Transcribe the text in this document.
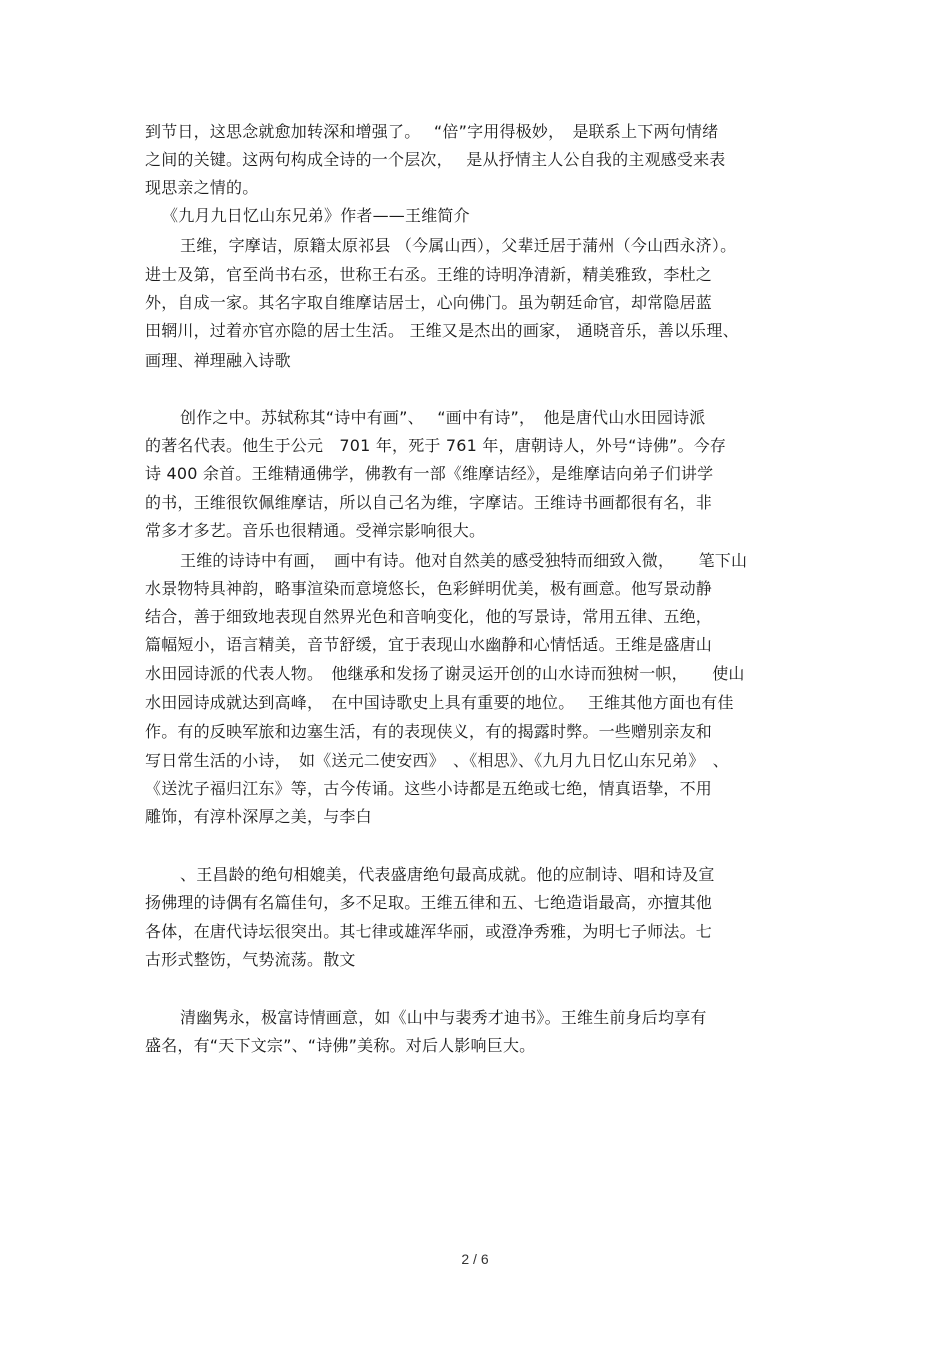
到节日，这思念就愈加转深和增强了。　 “倍”字用得极妙，　是联系上下两句情绪
之间的关键。这两句构成全诗的一个层次，　 是从抒情主人公自我的主观感受来表
现思亲之情的。
《九月九日忆山东兄弟》作者——王维简介
王维，字摩诘，原籍太原祁县 （今属山西），父辈迁居于蒲州（今山西永济）。
进士及第，官至尚书右丞，世称王右丞。王维的诗明净清新，精美雅致，李杜之
外，自成一家。其名字取自维摩诘居士，心向佛门。虽为朝廷命官，却常隐居蓝
田辋川，过着亦官亦隐的居士生活。 王维又是杰出的画家， 通晓音乐，善以乐理、
画理、禅理融入诗歌
创作之中。苏轼称其“诗中有画”、　 “画中有诗”，　他是唐代山水田园诗派
的著名代表。他生于公元　701 年，死于 761 年，唐朝诗人，外号“诗佛”。今存
诗 400 余首。王维精通佛学，佛教有一部《维摩诘经》，是维摩诘向弟子们讲学
的书，王维很钦佩维摩诘，所以自己名为维，字摩诘。王维诗书画都很有名，非
常多才多艺。音乐也很精通。受禅宗影响很大。
王维的诗诗中有画，　画中有诗。他对自然美的感受独特而细致入微，　　笔下山
水景物特具神韵，略事渲染而意境悠长，色彩鲜明优美，极有画意。他写景动静
结合，善于细致地表现自然界光色和音响变化，他的写景诗，常用五律、五绝，
篇幅短小，语言精美，音节舒缓，宜于表现山水幽静和心情恬适。王维是盛唐山
水田园诗派的代表人物。　他继承和发扬了谢灵运开创的山水诗而独树一帜，　　使山
水田园诗成就达到高峰，　在中国诗歌史上具有重要的地位。　 王维其他方面也有佳
作。有的反映军旅和边塞生活，有的表现侠义，有的揭露时弊。一些赠别亲友和
写日常生活的小诗，　如《送元二使安西》　、《相思》、《九月九日忆山东兄弟》　、
《送沈子福归江东》等，古今传诵。这些小诗都是五绝或七绝，情真语挚，不用
雕饰，有淳朴深厚之美，与李白
、王昌龄的绝句相媲美，代表盛唐绝句最高成就。他的应制诗、唱和诗及宣
扬佛理的诗偶有名篇佳句，多不足取。王维五律和五、七绝造诣最高，亦擅其他
各体，在唐代诗坛很突出。其七律或雄浑华丽，或澄净秀雅，为明七子师法。七
古形式整饬，气势流荡。散文
清幽隽永，极富诗情画意，如《山中与裴秀才迪书》。王维生前身后均享有
盛名，有“天下文宗”、“诗佛”美称。对后人影响巨大。
2 / 6
